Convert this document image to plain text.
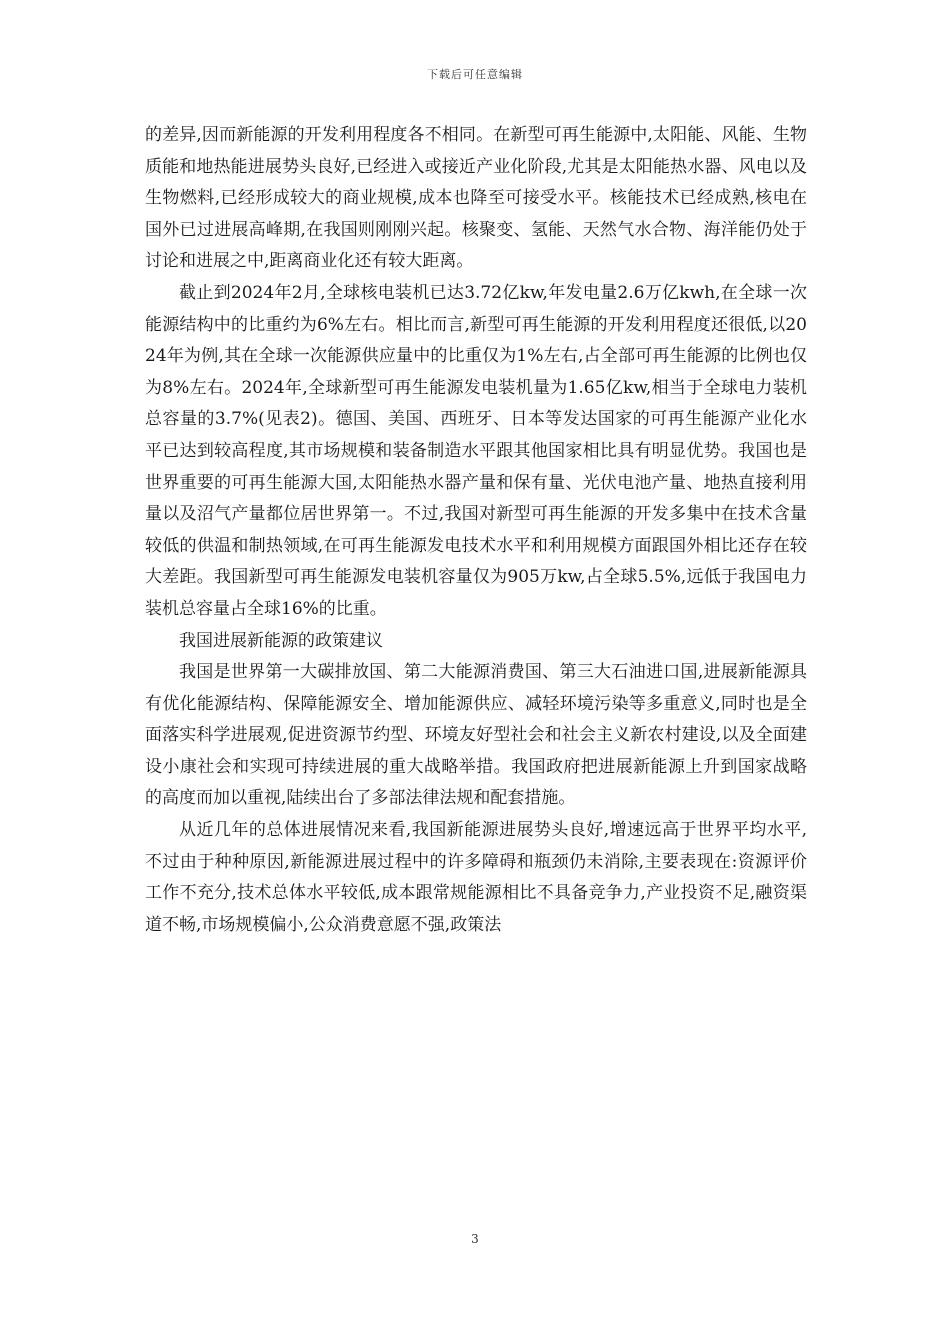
下载后可任意编辑

的差异,因而新能源的开发利用程度各不相同。在新型可再生能源中,太阳能、风能、生物质能和地热能进展势头良好,已经进入或接近产业化阶段,尤其是太阳能热水器、风电以及生物燃料,已经形成较大的商业规模,成本也降至可接受水平。核能技术已经成熟,核电在国外已过进展高峰期,在我国则刚刚兴起。核聚变、氢能、天然气水合物、海洋能仍处于讨论和进展之中,距离商业化还有较大距离。

截止到2024年2月,全球核电装机已达3.72亿kw,年发电量2.6万亿kwh,在全球一次能源结构中的比重约为6%左右。相比而言,新型可再生能源的开发利用程度还很低,以2024年为例,其在全球一次能源供应量中的比重仅为1%左右,占全部可再生能源的比例也仅为8%左右。2024年,全球新型可再生能源发电装机量为1.65亿kw,相当于全球电力装机总容量的3.7%(见表2)。德国、美国、西班牙、日本等发达国家的可再生能源产业化水平已达到较高程度,其市场规模和装备制造水平跟其他国家相比具有明显优势。我国也是世界重要的可再生能源大国,太阳能热水器产量和保有量、光伏电池产量、地热直接利用量以及沼气产量都位居世界第一。不过,我国对新型可再生能源的开发多集中在技术含量较低的供温和制热领域,在可再生能源发电技术水平和利用规模方面跟国外相比还存在较大差距。我国新型可再生能源发电装机容量仅为905万kw,占全球5.5%,远低于我国电力装机总容量占全球16%的比重。

我国进展新能源的政策建议

我国是世界第一大碳排放国、第二大能源消费国、第三大石油进口国,进展新能源具有优化能源结构、保障能源安全、增加能源供应、减轻环境污染等多重意义,同时也是全面落实科学进展观,促进资源节约型、环境友好型社会和社会主义新农村建设,以及全面建设小康社会和实现可持续进展的重大战略举措。我国政府把进展新能源上升到国家战略的高度而加以重视,陆续出台了多部法律法规和配套措施。

从近几年的总体进展情况来看,我国新能源进展势头良好,增速远高于世界平均水平,不过由于种种原因,新能源进展过程中的许多障碍和瓶颈仍未消除,主要表现在:资源评价工作不充分,技术总体水平较低,成本跟常规能源相比不具备竞争力,产业投资不足,融资渠道不畅,市场规模偏小,公众消费意愿不强,政策法

3
